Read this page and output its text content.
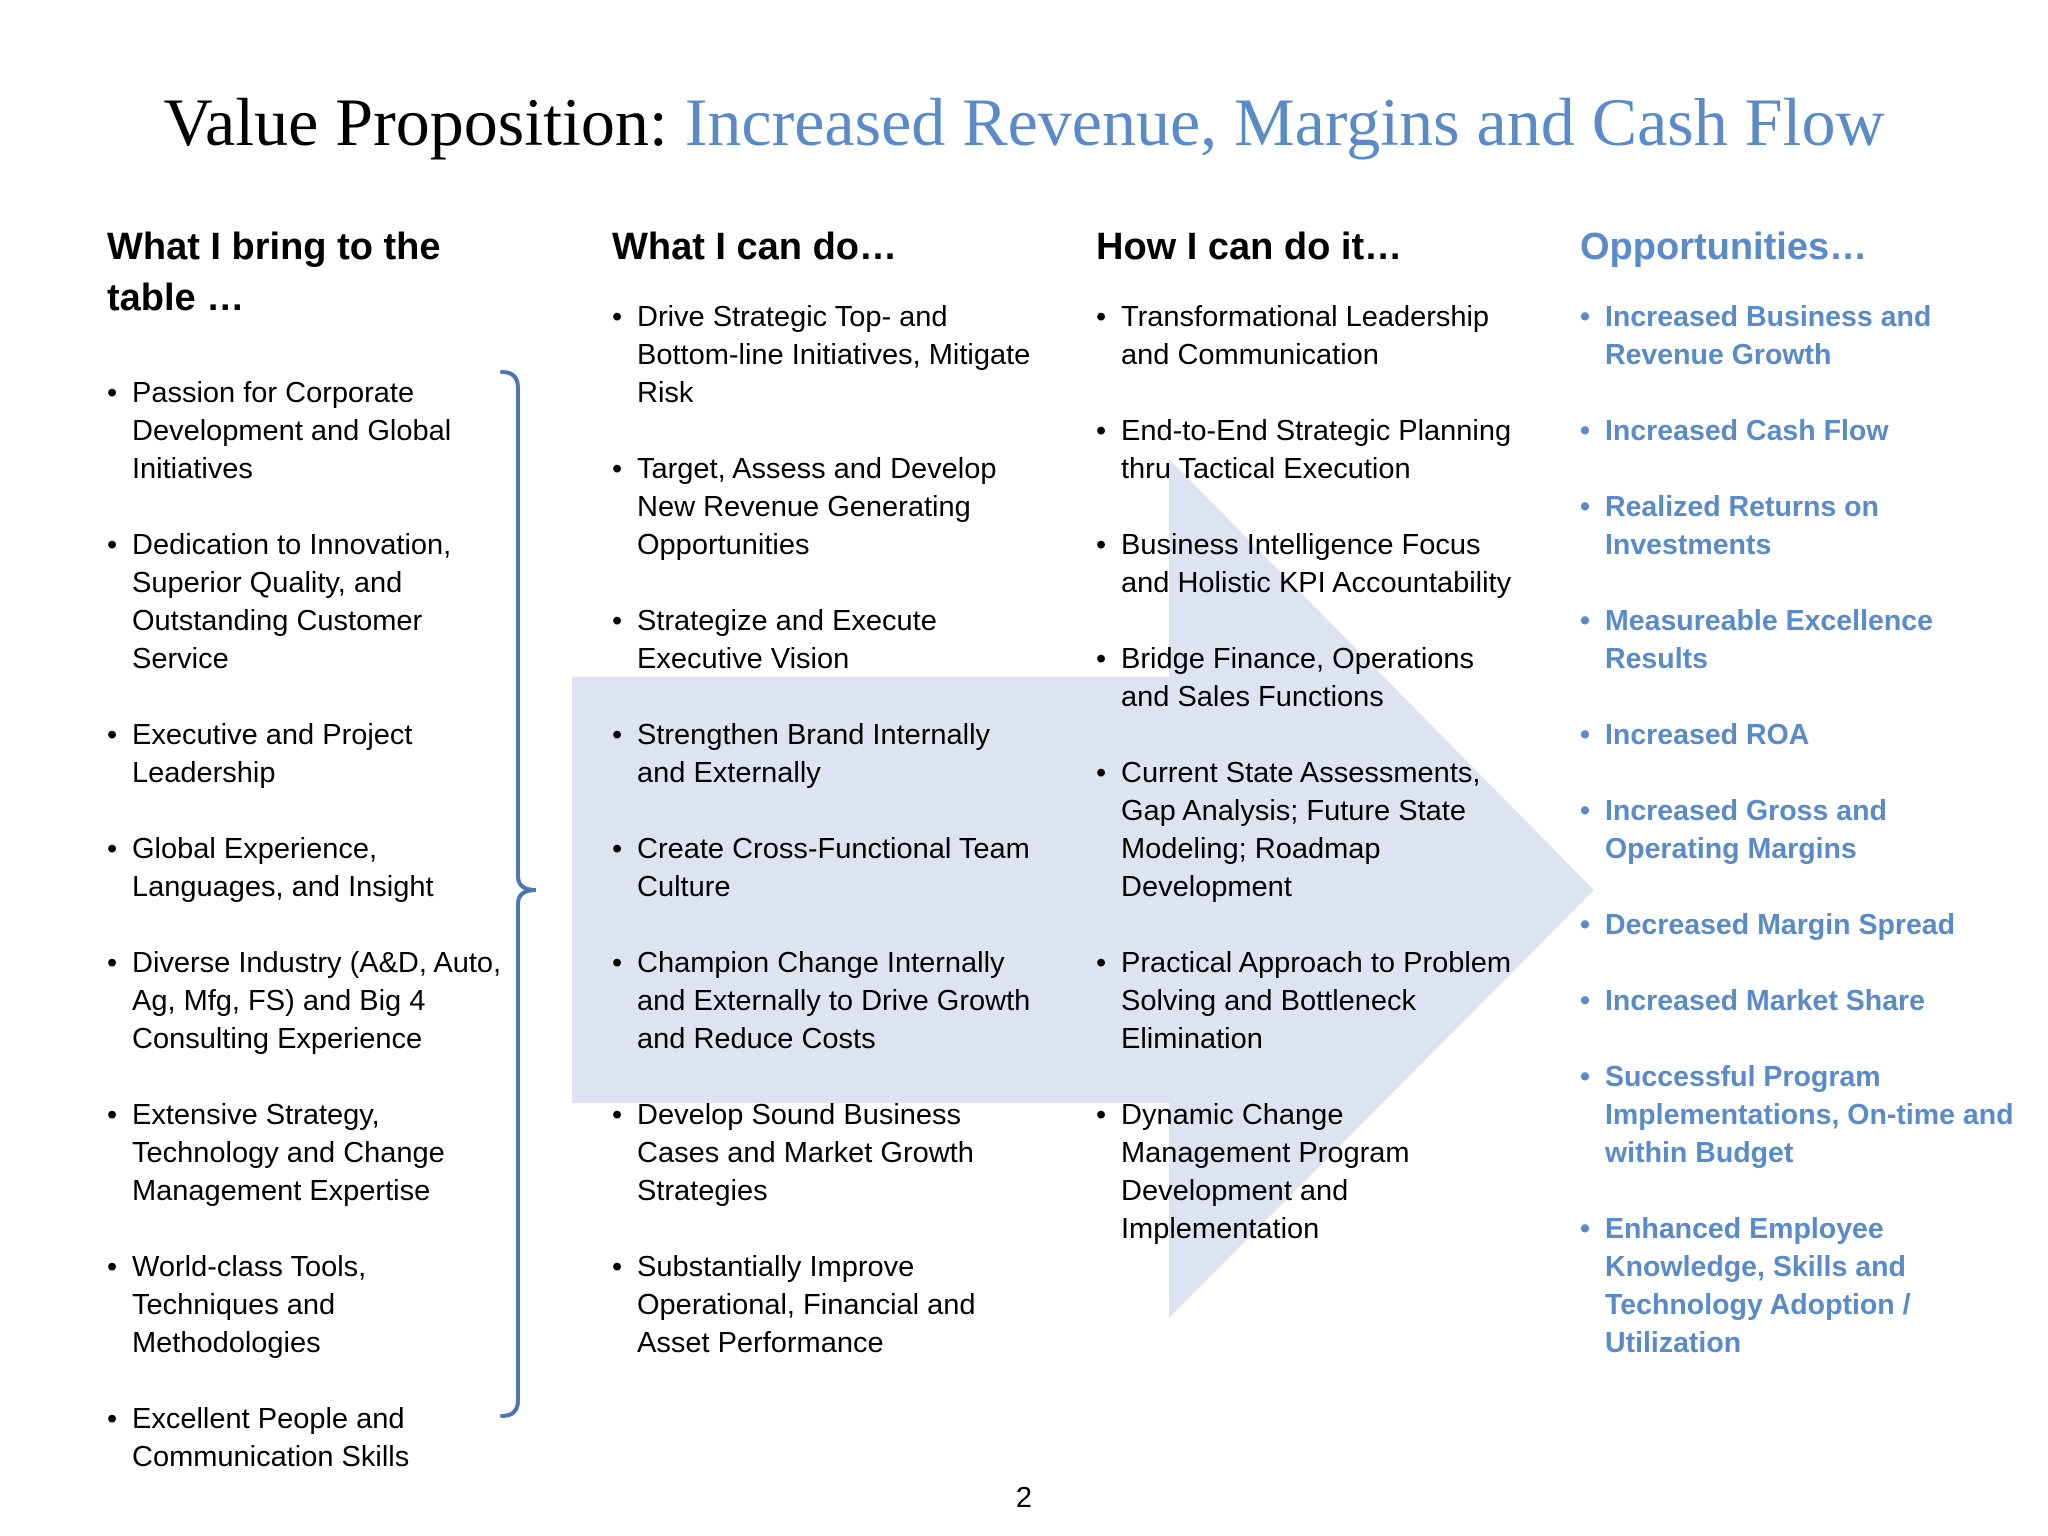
Value Proposition: Increased Revenue, Margins and Cash Flow
What I bring to the table …
• Passion for Corporate Development and Global Initiatives
• Dedication to Innovation, Superior Quality, and Outstanding Customer Service
• Executive and Project Leadership
• Global Experience, Languages, and Insight
• Diverse Industry (A&D, Auto, Ag, Mfg, FS) and Big 4 Consulting Experience
• Extensive Strategy, Technology and Change Management Expertise
• World-class Tools, Techniques and Methodologies
• Excellent People and Communication Skills
What I can do…
• Drive Strategic Top- and Bottom-line Initiatives, Mitigate Risk
• Target, Assess and Develop New Revenue Generating Opportunities
• Strategize and Execute Executive Vision
• Strengthen Brand Internally and Externally
• Create Cross-Functional Team Culture
• Champion Change Internally and Externally to Drive Growth and Reduce Costs
• Develop Sound Business Cases and Market Growth Strategies
• Substantially Improve Operational, Financial and Asset Performance
How I can do it…
• Transformational Leadership and Communication
• End-to-End Strategic Planning thru Tactical Execution
• Business Intelligence Focus and Holistic KPI Accountability
• Bridge Finance, Operations and Sales Functions
• Current State Assessments, Gap Analysis; Future State Modeling; Roadmap Development
• Practical Approach to Problem Solving and Bottleneck Elimination
• Dynamic Change Management Program Development and Implementation
Opportunities…
• Increased Business and Revenue Growth
• Increased Cash Flow
• Realized Returns on Investments
• Measureable Excellence Results
• Increased ROA
• Increased Gross and Operating Margins
• Decreased Margin Spread
• Increased Market Share
• Successful Program Implementations, On-time and within Budget
• Enhanced Employee Knowledge, Skills and Technology Adoption / Utilization
2
